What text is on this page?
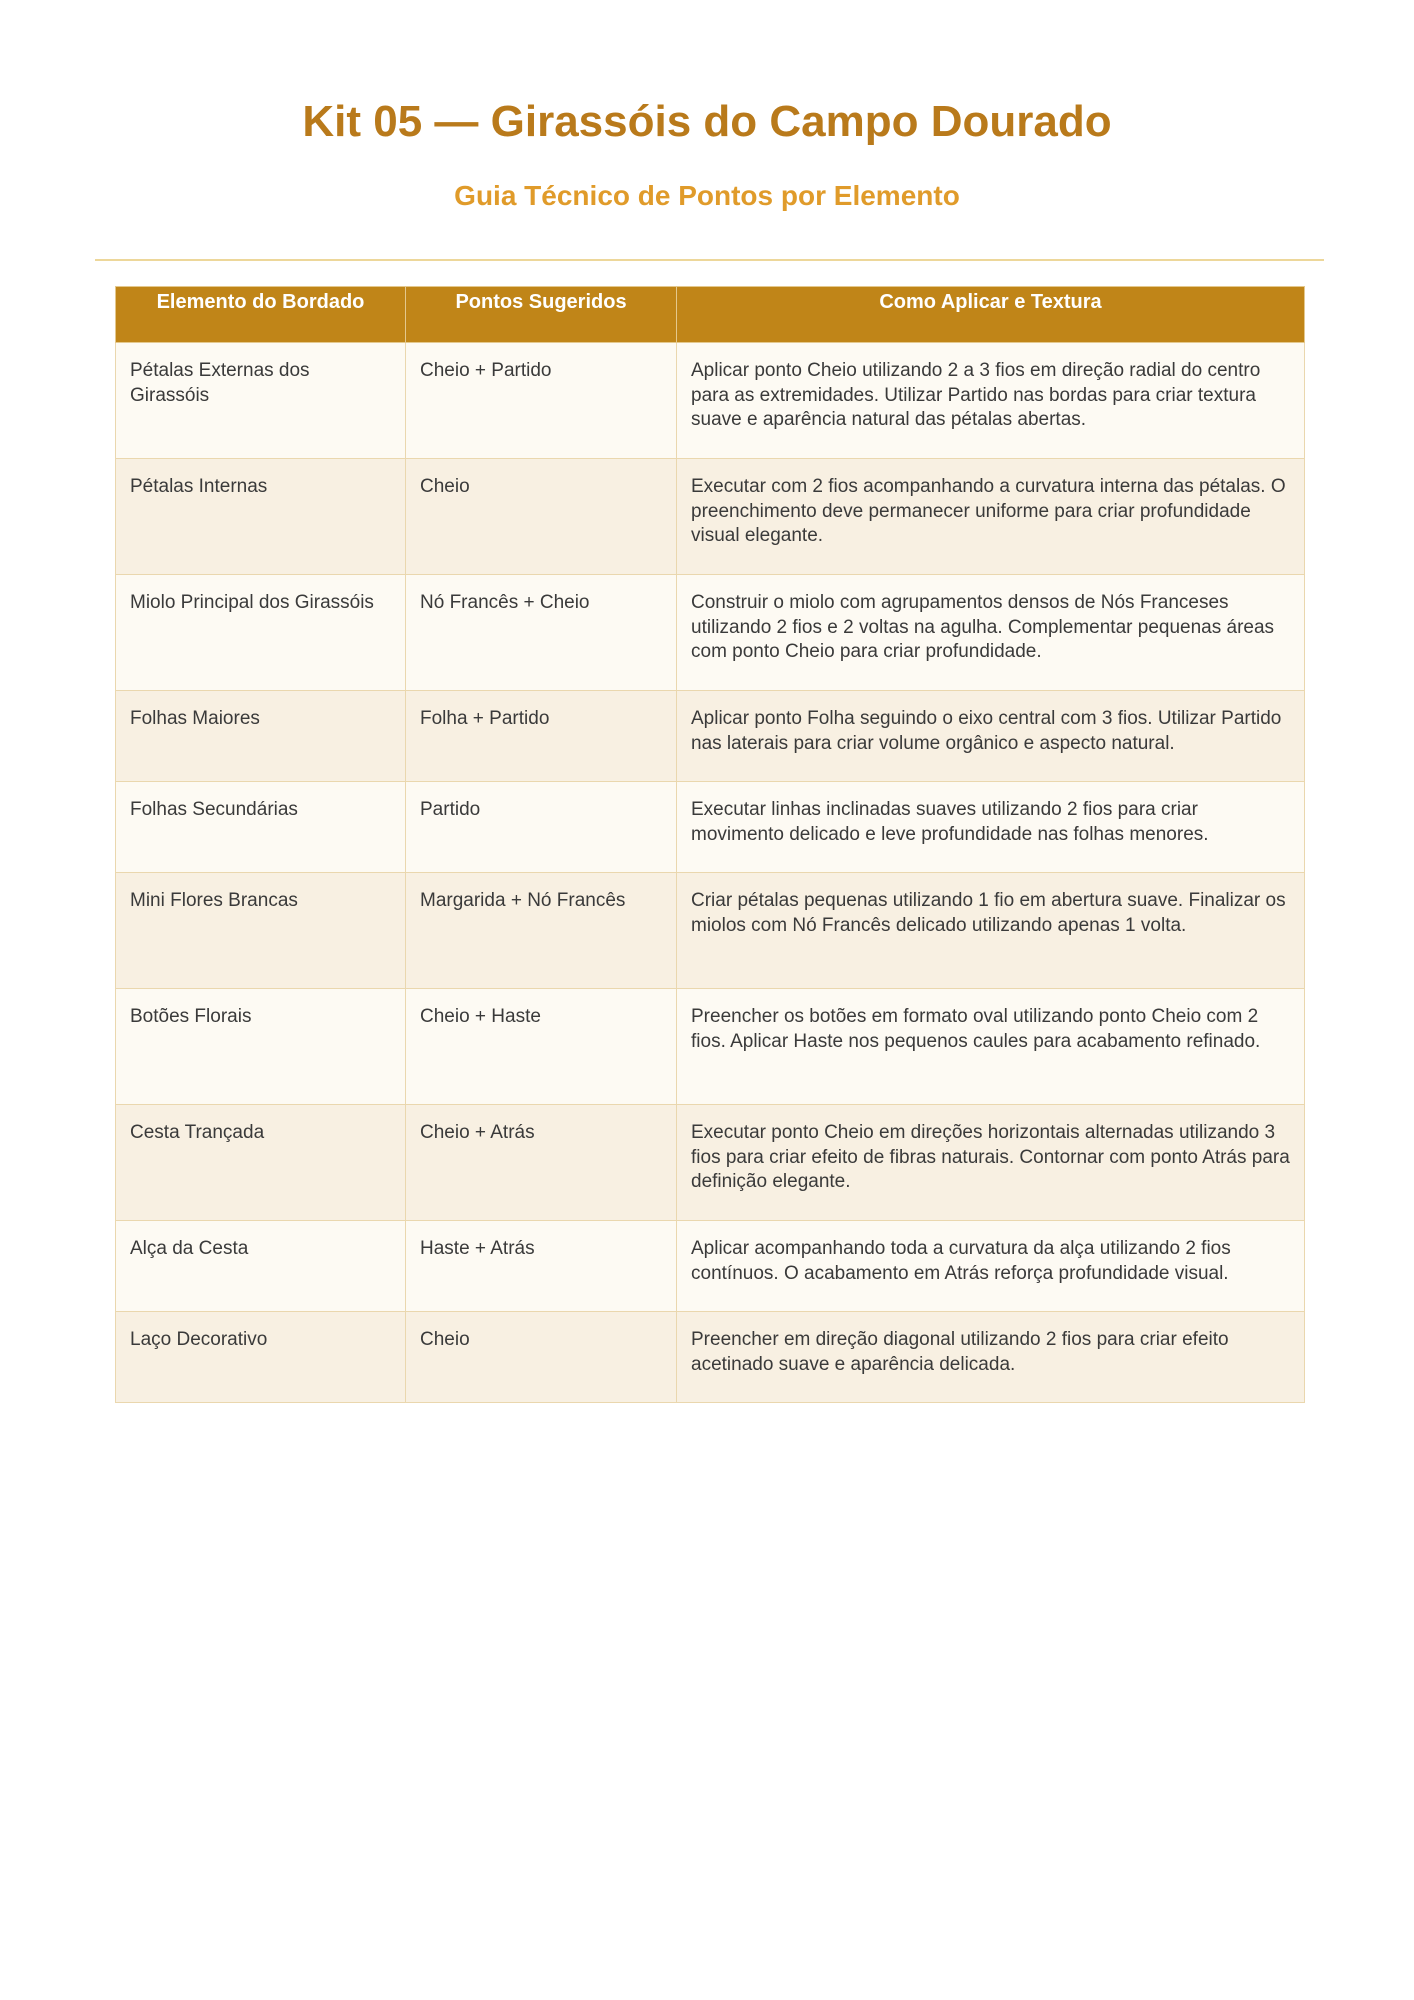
Kit 05 — Girassóis do Campo Dourado
Guia Técnico de Pontos por Elemento
Elemento do Bordado	Pontos Sugeridos	Como Aplicar e Textura
Pétalas Externas dos Girassóis	Cheio + Partido	Aplicar ponto Cheio utilizando 2 a 3 fios em direção radial do centro para as extremidades. Utilizar Partido nas bordas para criar textura suave e aparência natural das pétalas abertas.
Pétalas Internas	Cheio	Executar com 2 fios acompanhando a curvatura interna das pétalas. O preenchimento deve permanecer uniforme para criar profundidade visual elegante.
Miolo Principal dos Girassóis	Nó Francês + Cheio	Construir o miolo com agrupamentos densos de Nós Franceses utilizando 2 fios e 2 voltas na agulha. Complementar pequenas áreas com ponto Cheio para criar profundidade.
Folhas Maiores	Folha + Partido	Aplicar ponto Folha seguindo o eixo central com 3 fios. Utilizar Partido nas laterais para criar volume orgânico e aspecto natural.
Folhas Secundárias	Partido	Executar linhas inclinadas suaves utilizando 2 fios para criar movimento delicado e leve profundidade nas folhas menores.
Mini Flores Brancas	Margarida + Nó Francês	Criar pétalas pequenas utilizando 1 fio em abertura suave. Finalizar os miolos com Nó Francês delicado utilizando apenas 1 volta.
Botões Florais	Cheio + Haste	Preencher os botões em formato oval utilizando ponto Cheio com 2 fios. Aplicar Haste nos pequenos caules para acabamento refinado.
Cesta Trançada	Cheio + Atrás	Executar ponto Cheio em direções horizontais alternadas utilizando 3 fios para criar efeito de fibras naturais. Contornar com ponto Atrás para definição elegante.
Alça da Cesta	Haste + Atrás	Aplicar acompanhando toda a curvatura da alça utilizando 2 fios contínuos. O acabamento em Atrás reforça profundidade visual.
Laço Decorativo	Cheio	Preencher em direção diagonal utilizando 2 fios para criar efeito acetinado suave e aparência delicada.
